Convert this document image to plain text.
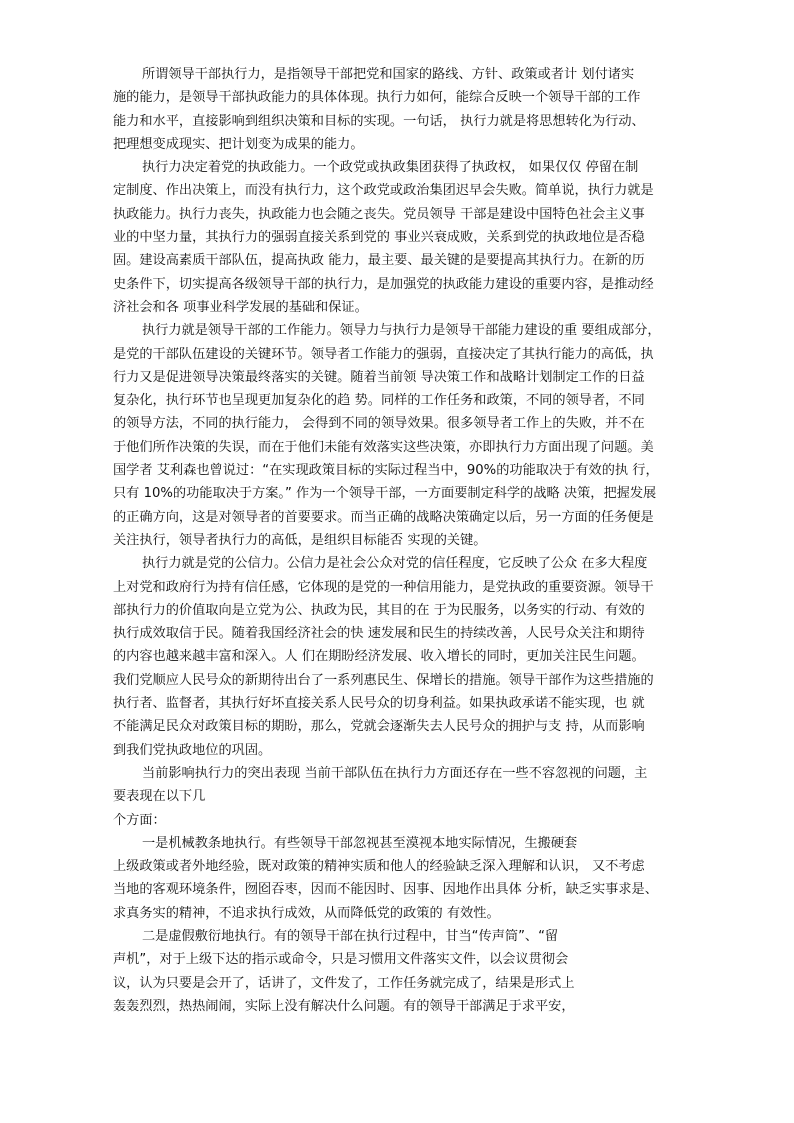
所谓领导干部执行力，是指领导干部把党和国家的路线、方针、政策或者计 划付诸实
施的能力，是领导干部执政能力的具体体现。执行力如何，能综合反映一个领导干部的工作
能力和水平，直接影响到组织决策和目标的实现。一句话， 执行力就是将思想转化为行动、
把理想变成现实、把计划变为成果的能力。
执行力决定着党的执政能力。一个政党或执政集团获得了执政权， 如果仅仅 停留在制
定制度、作出决策上，而没有执行力，这个政党或政治集团迟早会失败。简单说，执行力就是
执政能力。执行力丧失，执政能力也会随之丧失。党员领导 干部是建设中国特色社会主义事
业的中坚力量，其执行力的强弱直接关系到党的 事业兴衰成败，关系到党的执政地位是否稳
固。建设高素质干部队伍，提高执政 能力，最主要、最关键的是要提高其执行力。在新的历
史条件下，切实提高各级领导干部的执行力，是加强党的执政能力建设的重要内容，是推动经
济社会和各 项事业科学发展的基础和保证。
执行力就是领导干部的工作能力。领导力与执行力是领导干部能力建设的重 要组成部分，
是党的干部队伍建设的关键环节。领导者工作能力的强弱，直接决定了其执行能力的高低，执
行力又是促进领导决策最终落实的关键。随着当前领 导决策工作和战略计划制定工作的日益
复杂化，执行环节也呈现更加复杂化的趋 势。同样的工作任务和政策，不同的领导者，不同
的领导方法，不同的执行能力， 会得到不同的领导效果。很多领导者工作上的失败，并不在
于他们所作决策的失误，而在于他们未能有效落实这些决策，亦即执行力方面出现了问题。美
国学者 艾利森也曾说过：“在实现政策目标的实际过程当中，90%的功能取决于有效的执 行，
只有 10%的功能取决于方案。” 作为一个领导干部，一方面要制定科学的战略 决策，把握发展
的正确方向，这是对领导者的首要要求。而当正确的战略决策确定以后，另一方面的任务便是
关注执行，领导者执行力的高低，是组织目标能否 实现的关键。
执行力就是党的公信力。公信力是社会公众对党的信任程度，它反映了公众 在多大程度
上对党和政府行为持有信任感，它体现的是党的一种信用能力，是党执政的重要资源。领导干
部执行力的价值取向是立党为公、执政为民，其目的在 于为民服务，以务实的行动、有效的
执行成效取信于民。随着我国经济社会的快 速发展和民生的持续改善，人民号众关注和期待
的内容也越来越丰富和深入。人 们在期盼经济发展、收入增长的同时，更加关注民生问题。
我们党顺应人民号众的新期待出台了一系列惠民生、保增长的措施。领导干部作为这些措施的
执行者、监督者，其执行好坏直接关系人民号众的切身利益。如果执政承诺不能实现，也 就
不能满足民众对政策目标的期盼，那么，党就会逐渐失去人民号众的拥护与支 持，从而影响
到我们党执政地位的巩固。
当前影响执行力的突出表现 当前干部队伍在执行力方面还存在一些不容忽视的问题，主
要表现在以下几
个方面：
一是机械教条地执行。有些领导干部忽视甚至漠视本地实际情况，生搬硬套
上级政策或者外地经验，既对政策的精神实质和他人的经验缺乏深入理解和认识， 又不考虑
当地的客观环境条件，囫囵吞枣，因而不能因时、因事、因地作出具体 分析，缺乏实事求是、
求真务实的精神，不追求执行成效，从而降低党的政策的 有效性。
二是虚假敷衍地执行。有的领导干部在执行过程中，甘当“传声筒”、“留
声机”，对于上级下达的指示或命令，只是习惯用文件落实文件，以会议贯彻会
议，认为只要是会开了，话讲了，文件发了，工作任务就完成了，结果是形式上
轰轰烈烈，热热闹闹，实际上没有解决什么问题。有的领导干部满足于求平安，
